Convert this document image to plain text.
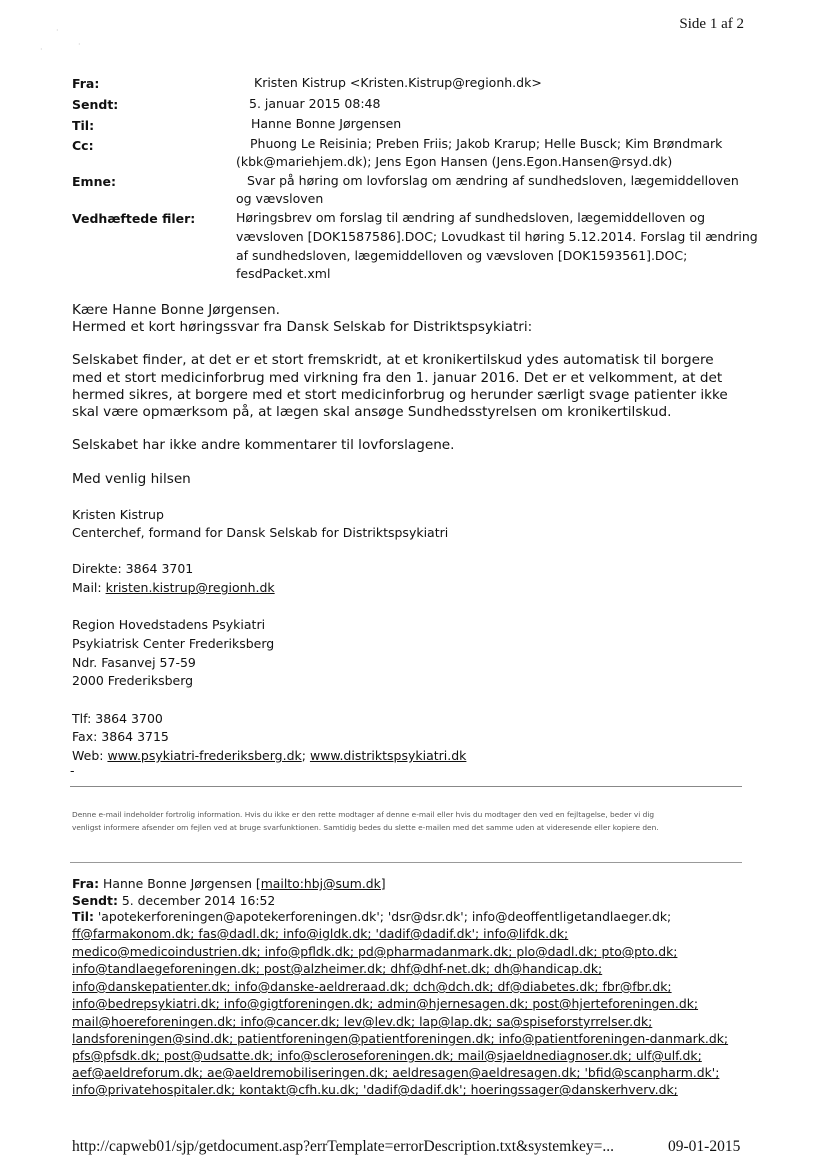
·
·
·
Side 1 af 2
Fra:	Kristen Kistrup <Kristen.Kistrup@regionh.dk>
Sendt:	5. januar 2015 08:48
Til:	Hanne Bonne Jørgensen
Cc:	Phuong Le Reisinia; Preben Friis; Jakob Krarup; Helle Busck; Kim Brøndmark
(kbk@mariehjem.dk); Jens Egon Hansen (Jens.Egon.Hansen@rsyd.dk)
Emne:	Svar på høring om lovforslag om ændring af sundhedsloven, lægemiddelloven
og vævsloven
Vedhæftede filer:	Høringsbrev om forslag til ændring af sundhedsloven, lægemiddelloven og
vævsloven [DOK1587586].DOC; Lovudkast til høring 5.12.2014. Forslag til ændring
af sundhedsloven, lægemiddelloven og vævsloven [DOK1593561].DOC;
fesdPacket.xml
Kære Hanne Bonne Jørgensen.
Hermed et kort høringssvar fra Dansk Selskab for Distriktspsykiatri:
Selskabet finder, at det er et stort fremskridt, at et kronikertilskud ydes automatisk til borgere
med et stort medicinforbrug med virkning fra den 1. januar 2016. Det er et velkomment, at det
hermed sikres, at borgere med et stort medicinforbrug og herunder særligt svage patienter ikke
skal være opmærksom på, at lægen skal ansøge Sundhedsstyrelsen om kronikertilskud.
Selskabet har ikke andre kommentarer til lovforslagene.
Med venlig hilsen
Kristen Kistrup
Centerchef, formand for Dansk Selskab for Distriktspsykiatri
Direkte: 3864 3701
Mail: kristen.kistrup@regionh.dk
Region Hovedstadens Psykiatri
Psykiatrisk Center Frederiksberg
Ndr. Fasanvej 57-59
2000 Frederiksberg
Tlf: 3864 3700
Fax: 3864 3715
Web: www.psykiatri-frederiksberg.dk; www.distriktspsykiatri.dk
-
Denne e-mail indeholder fortrolig information. Hvis du ikke er den rette modtager af denne e-mail eller hvis du modtager den ved en fejltagelse, beder vi dig
venligst informere afsender om fejlen ved at bruge svarfunktionen. Samtidig bedes du slette e-mailen med det samme uden at videresende eller kopiere den.
Fra: Hanne Bonne Jørgensen [mailto:hbj@sum.dk]
Sendt: 5. december 2014 16:52
Til: 'apotekerforeningen@apotekerforeningen.dk'; 'dsr@dsr.dk'; info@deoffentligetandlaeger.dk;
ff@farmakonom.dk; fas@dadl.dk; info@igldk.dk; 'dadif@dadif.dk'; info@lifdk.dk;
medico@medicoindustrien.dk; info@pfldk.dk; pd@pharmadanmark.dk; plo@dadl.dk; pto@pto.dk;
info@tandlaegeforeningen.dk; post@alzheimer.dk; dhf@dhf-net.dk; dh@handicap.dk;
info@danskepatienter.dk; info@danske-aeldreraad.dk; dch@dch.dk; df@diabetes.dk; fbr@fbr.dk;
info@bedrepsykiatri.dk; info@gigtforeningen.dk; admin@hjernesagen.dk; post@hjerteforeningen.dk;
mail@hoereforeningen.dk; info@cancer.dk; lev@lev.dk; lap@lap.dk; sa@spiseforstyrrelser.dk;
landsforeningen@sind.dk; patientforeningen@patientforeningen.dk; info@patientforeningen-danmark.dk;
pfs@pfsdk.dk; post@udsatte.dk; info@scleroseforeningen.dk; mail@sjaeldnediagnoser.dk; ulf@ulf.dk;
aef@aeldreforum.dk; ae@aeldremobiliseringen.dk; aeldresagen@aeldresagen.dk; 'bfid@scanpharm.dk';
info@privatehospitaler.dk; kontakt@cfh.ku.dk; 'dadif@dadif.dk'; hoeringssager@danskerhverv.dk;
http://capweb01/sjp/getdocument.asp?errTemplate=errorDescription.txt&systemkey=...	09-01-2015
